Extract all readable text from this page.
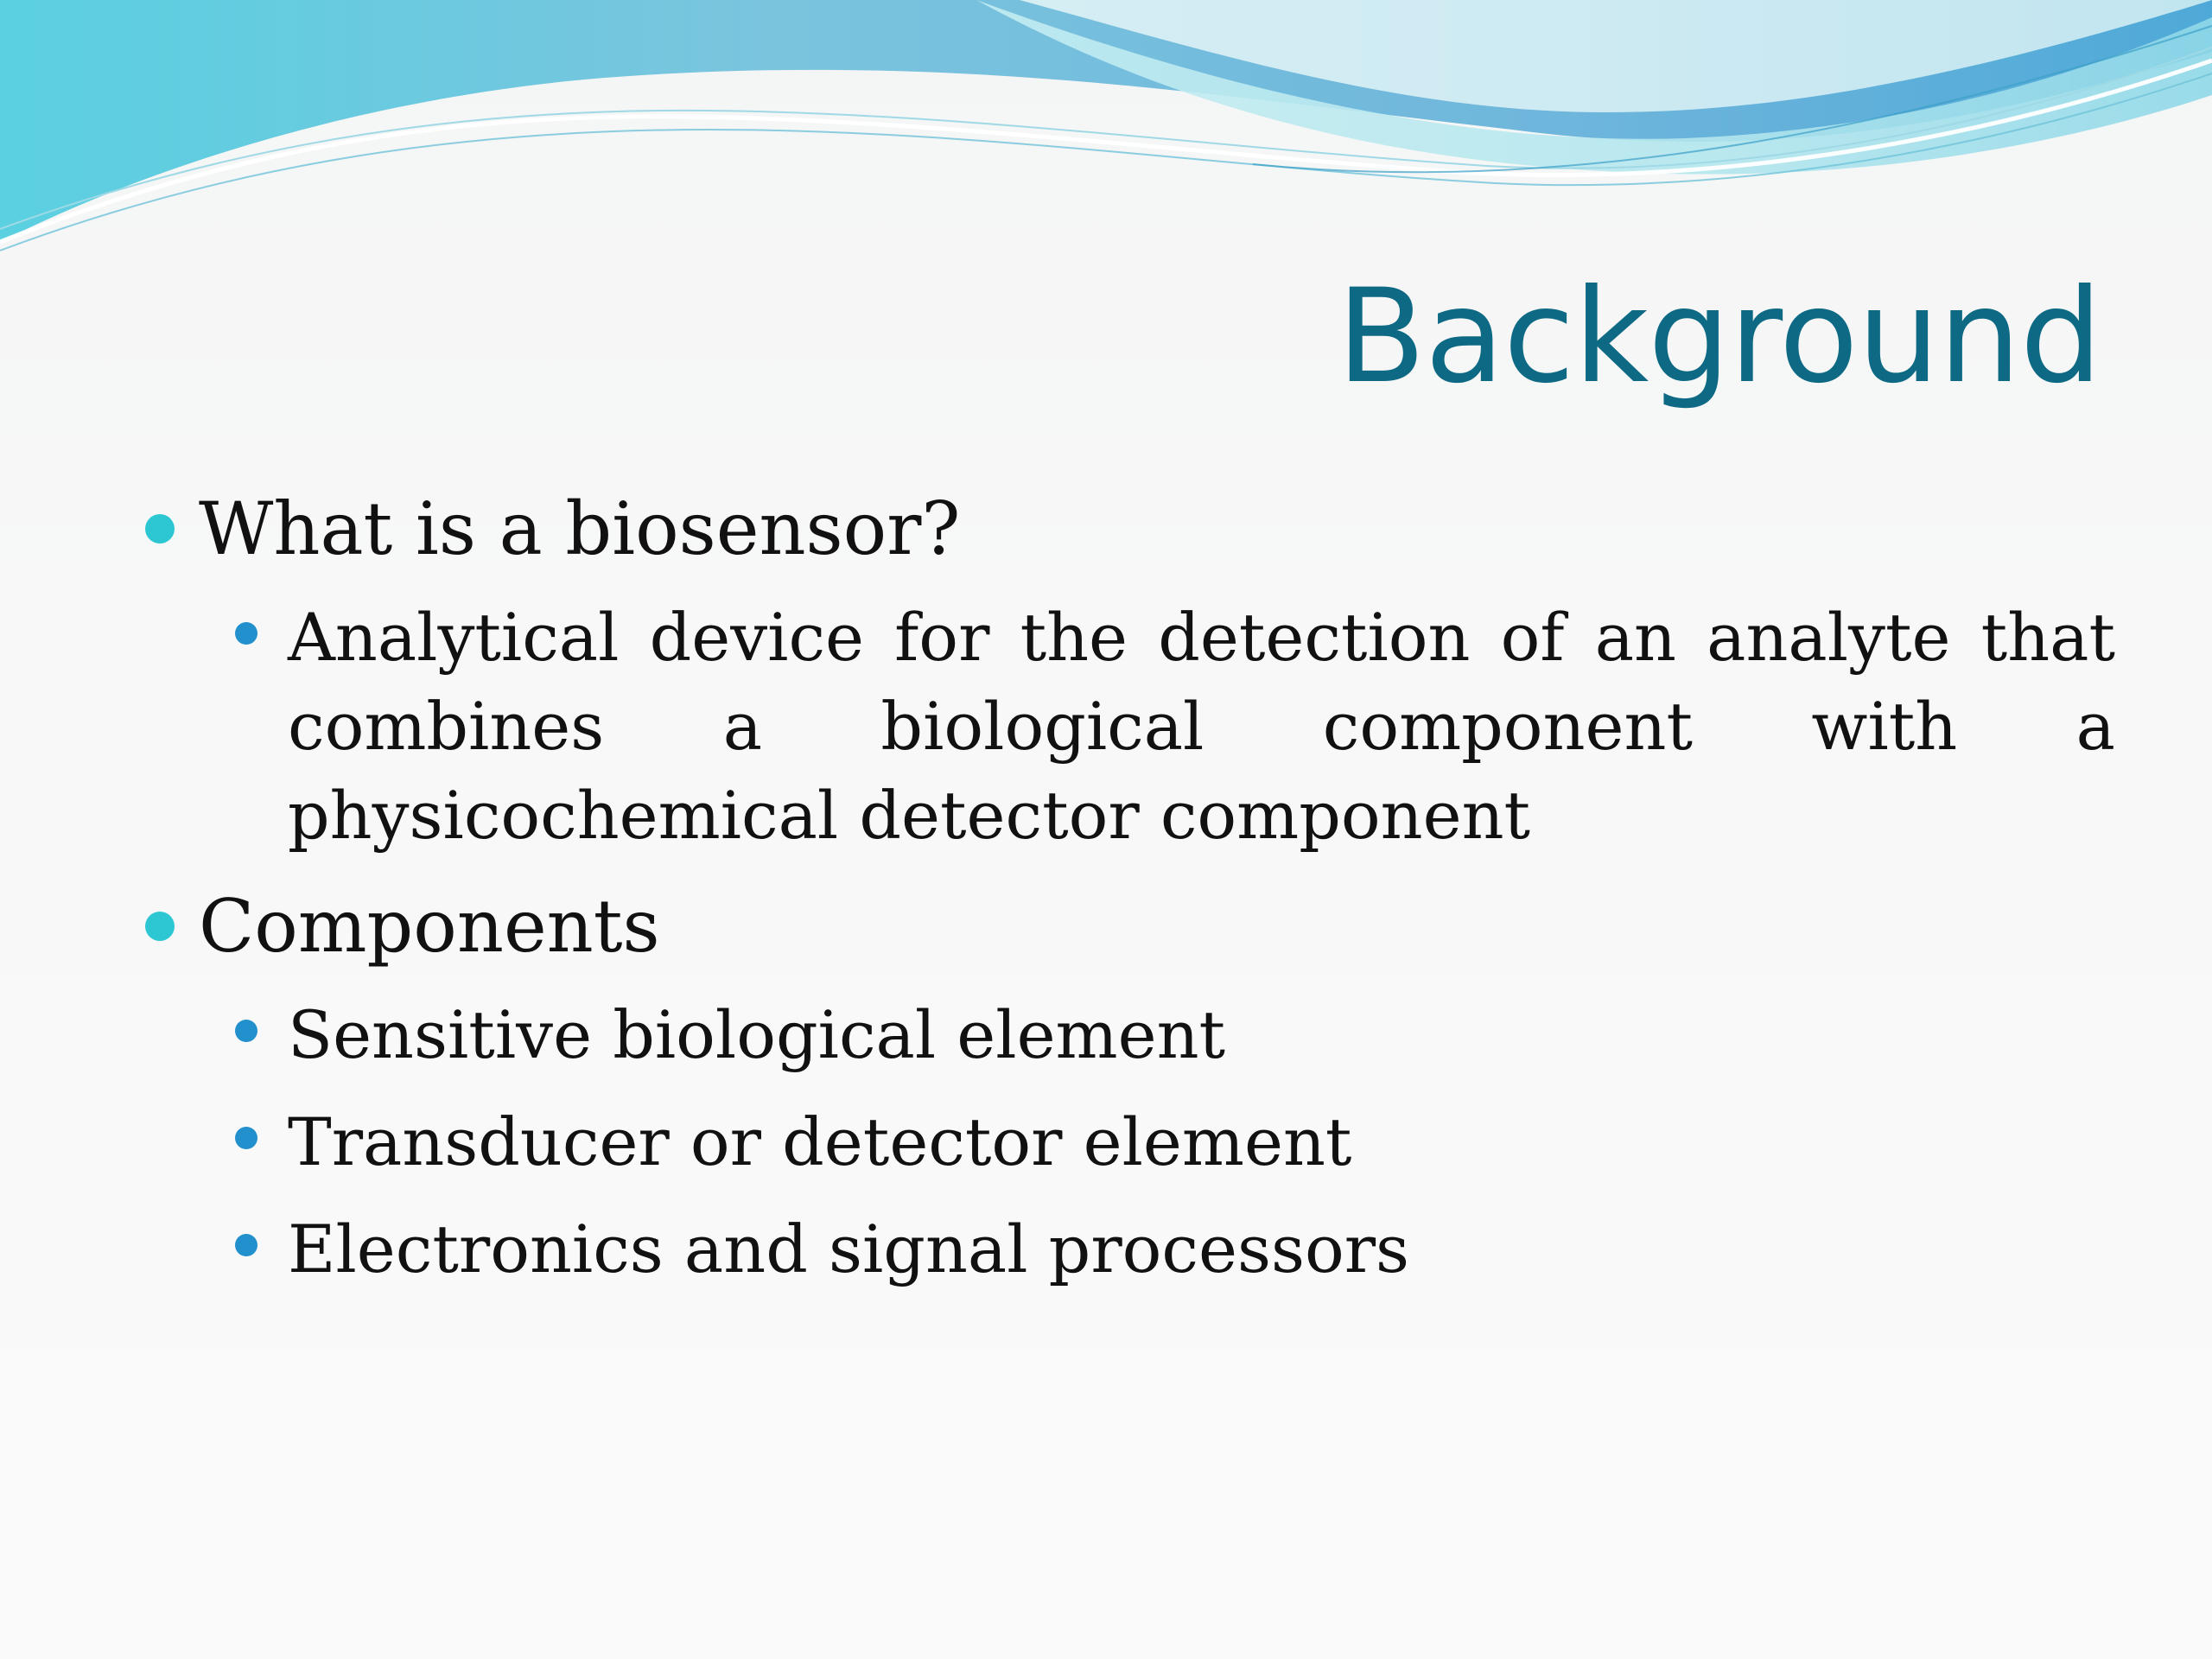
Background
What is a biosensor?
Analytical device for the detection of an analyte that combines a biological component with a physicochemical detector component
Components
Sensitive biological element
Transducer or detector element
Electronics and signal processors
